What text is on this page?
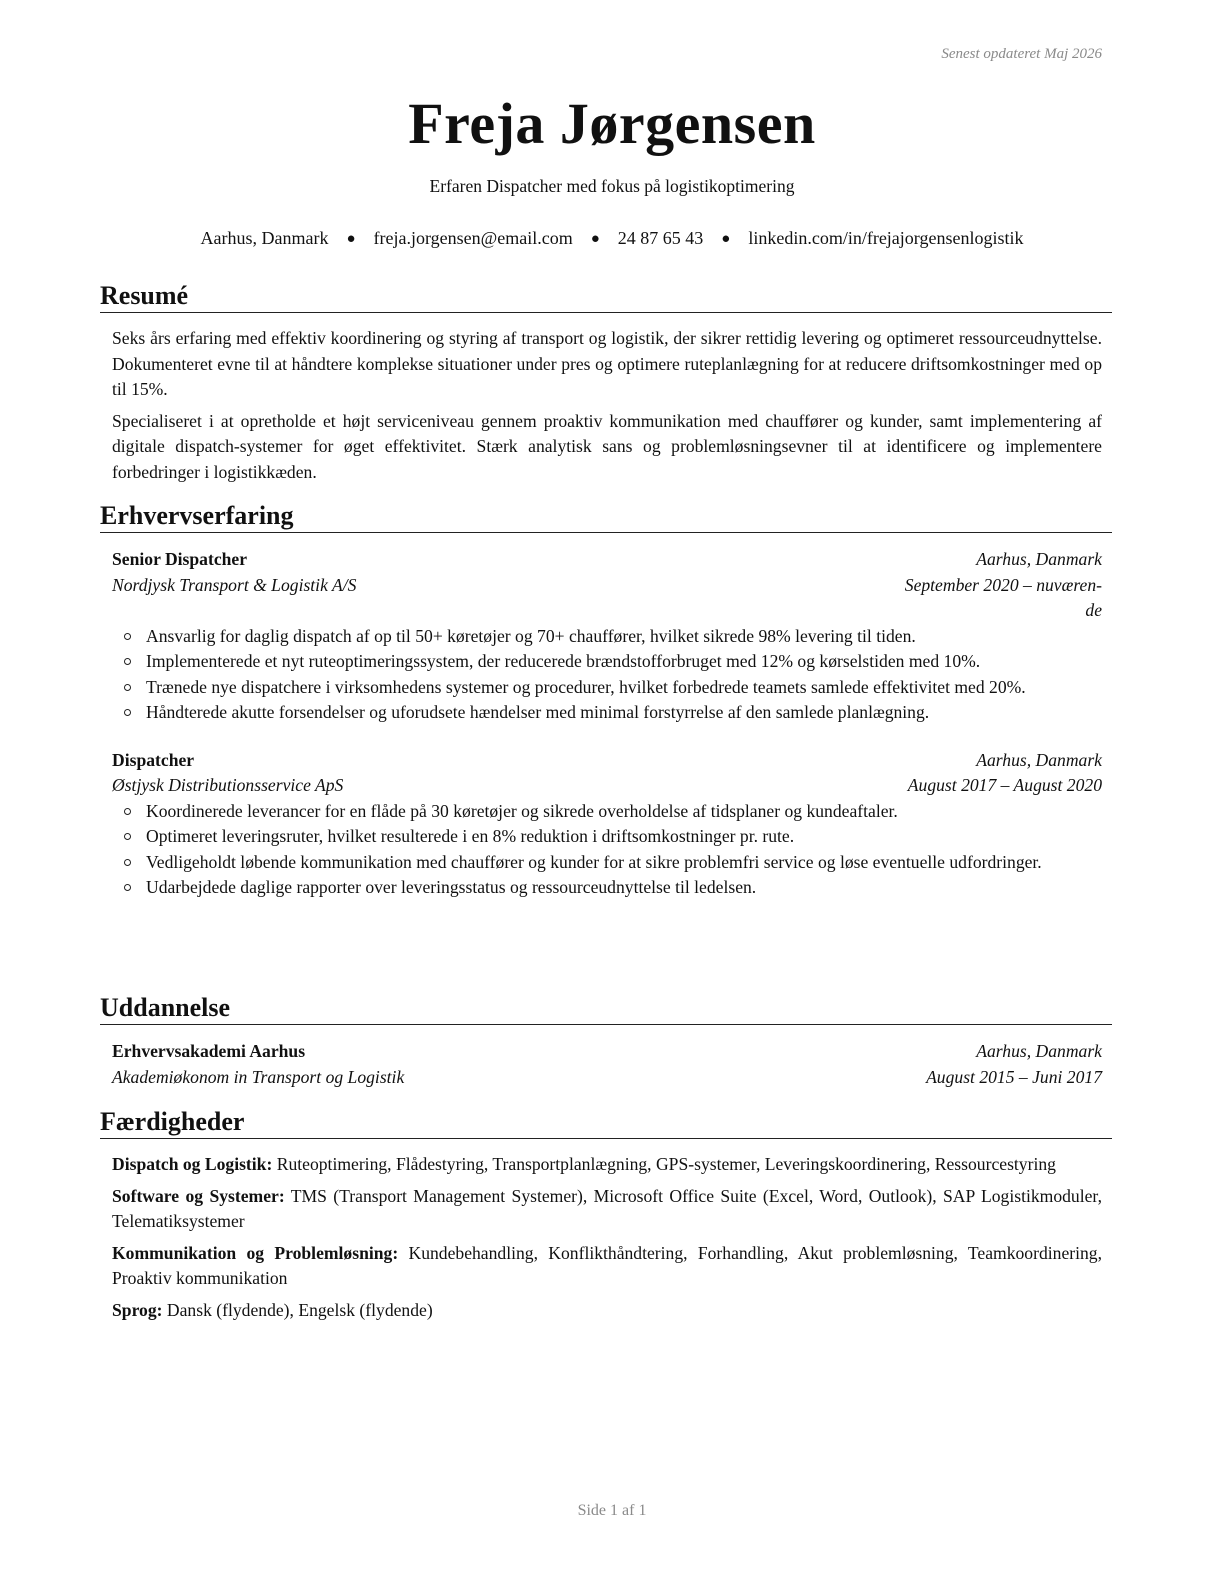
Senest opdateret Maj 2026
Freja Jørgensen
Erfaren Dispatcher med fokus på logistikoptimering
Aarhus, Danmark ● freja.jorgensen@email.com ● 24 87 65 43 ● linkedin.com/in/frejajorgensenlogistik
Resumé

Seks års erfaring med effektiv koordinering og styring af transport og logistik, der sikrer rettidig levering og optimeret ressourceudnyttelse. Dokumenteret evne til at håndtere komplekse situationer under pres og optimere ruteplanlægning for at reducere driftsomkostninger med op til 15%.

Specialiseret i at opretholde et højt serviceniveau gennem proaktiv kommunikation med chauffører og kunder, samt implementering af digitale dispatch-systemer for øget effektivitet. Stærk analytisk sans og problemløsningsevner til at identificere og implementere forbedringer i logistikkæden.

Erhvervserfaring
Senior Dispatcher	Aarhus, Danmark
Nordjysk Transport & Logistik A/S	September 2020 – nuværen-
de
Ansvarlig for daglig dispatch af op til 50+ køretøjer og 70+ chauffører, hvilket sikrede 98% levering til tiden.
Implementerede et nyt ruteoptimeringssystem, der reducerede brændstofforbruget med 12% og kørselstiden med 10%.
Trænede nye dispatchere i virksomhedens systemer og procedurer, hvilket forbedrede teamets samlede effektivitet med 20%.
Håndterede akutte forsendelser og uforudsete hændelser med minimal forstyrrelse af den samlede planlægning.
Dispatcher	Aarhus, Danmark
Østjysk Distributionsservice ApS	August 2017 – August 2020
Koordinerede leverancer for en flåde på 30 køretøjer og sikrede overholdelse af tidsplaner og kundeaftaler.
Optimeret leveringsruter, hvilket resulterede i en 8% reduktion i driftsomkostninger pr. rute.
Vedligeholdt løbende kommunikation med chauffører og kunder for at sikre problemfri service og løse eventuelle udfordringer.
Udarbejdede daglige rapporter over leveringsstatus og ressourceudnyttelse til ledelsen.
Uddannelse
Erhvervsakademi Aarhus	Aarhus, Danmark
Akademiøkonom in Transport og Logistik	August 2015 – Juni 2017
Færdigheder

Dispatch og Logistik: Ruteoptimering, Flådestyring, Transportplanlægning, GPS-systemer, Leveringskoordinering, Ressourcestyring

Software og Systemer: TMS (Transport Management Systemer), Microsoft Office Suite (Excel, Word, Outlook), SAP Logistikmoduler, Telematiksystemer

Kommunikation og Problemløsning: Kundebehandling, Konflikthåndtering, Forhandling, Akut problemløsning, Teamkoordinering, Proaktiv kommunikation

Sprog: Dansk (flydende), Engelsk (flydende)

Side 1 af 1
